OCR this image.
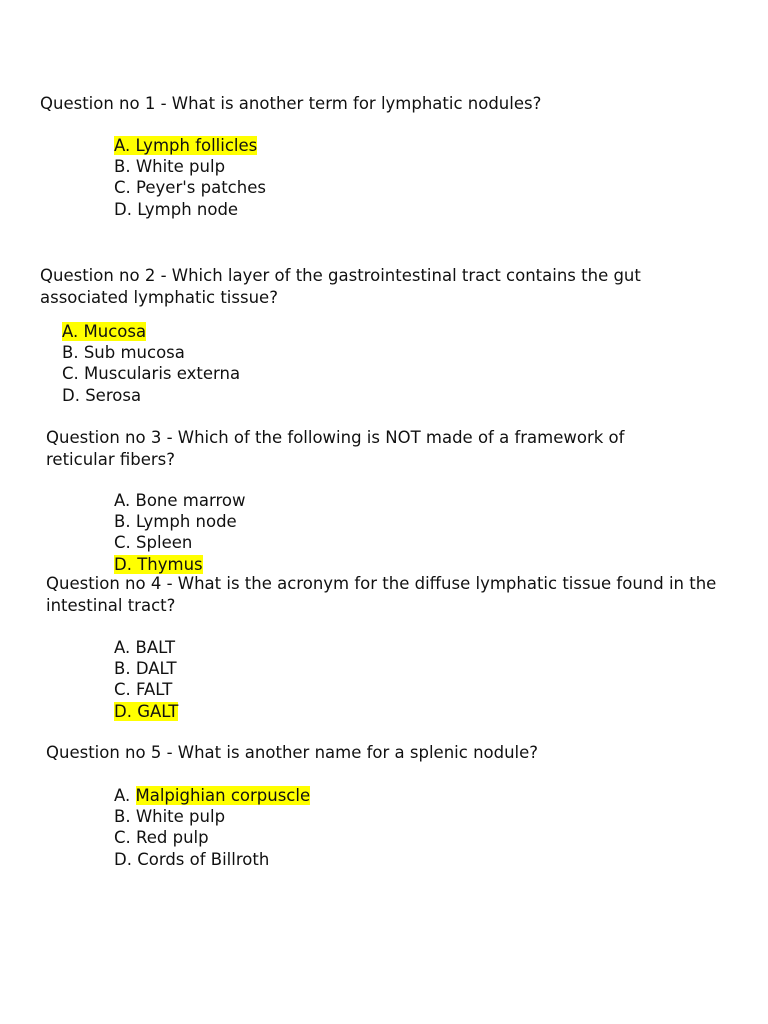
Question no 1 - What is another term for lymphatic nodules?
A. Lymph follicles
B. White pulp
C. Peyer's patches
D. Lymph node
Question no 2 - Which layer of the gastrointestinal tract contains the gut associated lymphatic tissue?
A. Mucosa
B. Sub mucosa
C. Muscularis externa
D. Serosa
Question no 3 - Which of the following is NOT made of a framework of reticular fibers?
A. Bone marrow
B. Lymph node
C. Spleen
D. Thymus
Question no 4 - What is the acronym for the diffuse lymphatic tissue found in the intestinal tract?
A. BALT
B. DALT
C. FALT
D. GALT
Question no 5 - What is another name for a splenic nodule?
A. Malpighian corpuscle
B. White pulp
C. Red pulp
D. Cords of Billroth
